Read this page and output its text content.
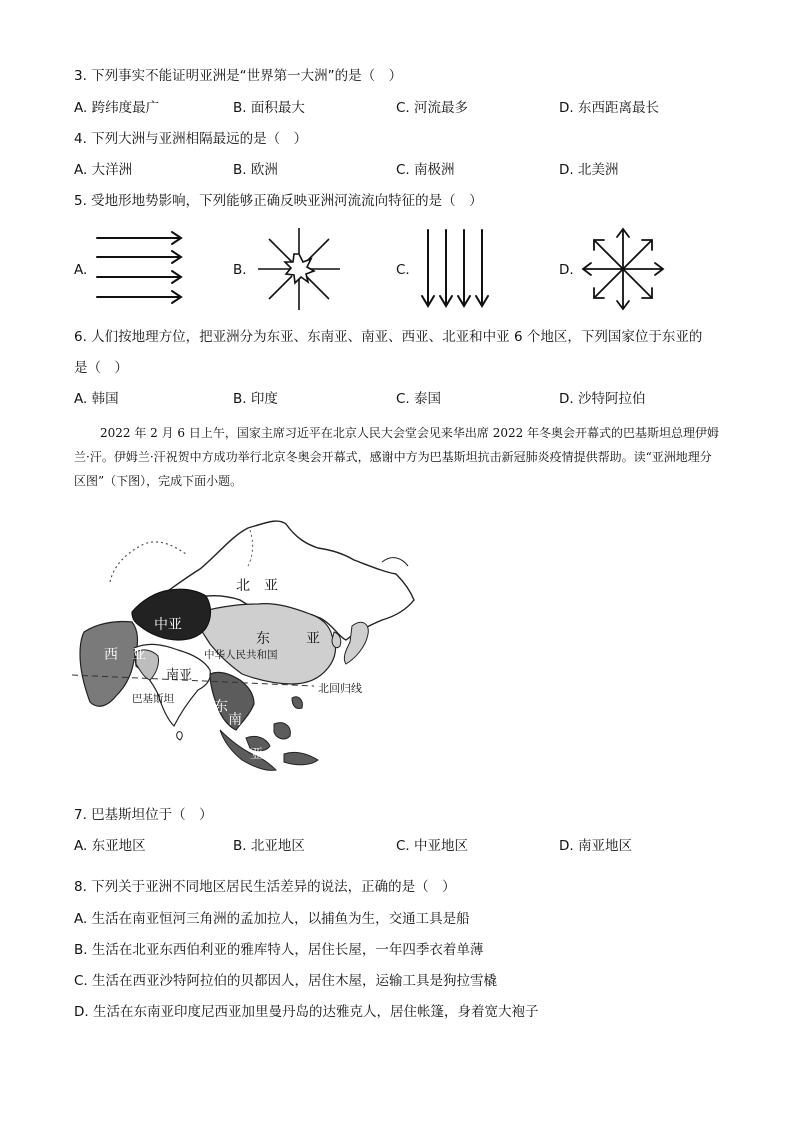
3. 下列事实不能证明亚洲是“世界第一大洲”的是（　）
A. 跨纬度最广	B. 面积最大	C. 河流最多	D. 东西距离最长
4. 下列大洲与亚洲相隔最远的是（　）
A. 大洋洲	B. 欧洲	C. 南极洲	D. 北美洲
5. 受地形地势影响，下列能够正确反映亚洲河流流向特征的是（　）
A.	B.	C.	D.
6. 人们按地理方位，把亚洲分为东亚、东南亚、南亚、西亚、北亚和中亚 6 个地区，下列国家位于东亚的
是（　）
A. 韩国	B. 印度	C. 泰国	D. 沙特阿拉伯
2022 年 2 月 6 日上午，国家主席习近平在北京人民大会堂会见来华出席 2022 年冬奥会开幕式的巴基斯坦总理伊姆兰·汗。伊姆兰·汗祝贺中方成功举行北京冬奥会开幕式，感谢中方为巴基斯坦抗击新冠肺炎疫情提供帮助。读“亚洲地理分区图”（下图），完成下面小题。
北　亚
中亚
东	亚
中华人民共和国
西　亚
南亚
巴基斯坦	东
南
亚
北回归线
7. 巴基斯坦位于（　）
A. 东亚地区	B. 北亚地区	C. 中亚地区	D. 南亚地区
8. 下列关于亚洲不同地区居民生活差异的说法，正确的是（　）
A. 生活在南亚恒河三角洲的孟加拉人，以捕鱼为生，交通工具是船
B. 生活在北亚东西伯利亚的雅库特人，居住长屋，一年四季衣着单薄
C. 生活在西亚沙特阿拉伯的贝都因人，居住木屋，运输工具是狗拉雪橇
D. 生活在东南亚印度尼西亚加里曼丹岛的达雅克人，居住帐篷，身着宽大袍子
